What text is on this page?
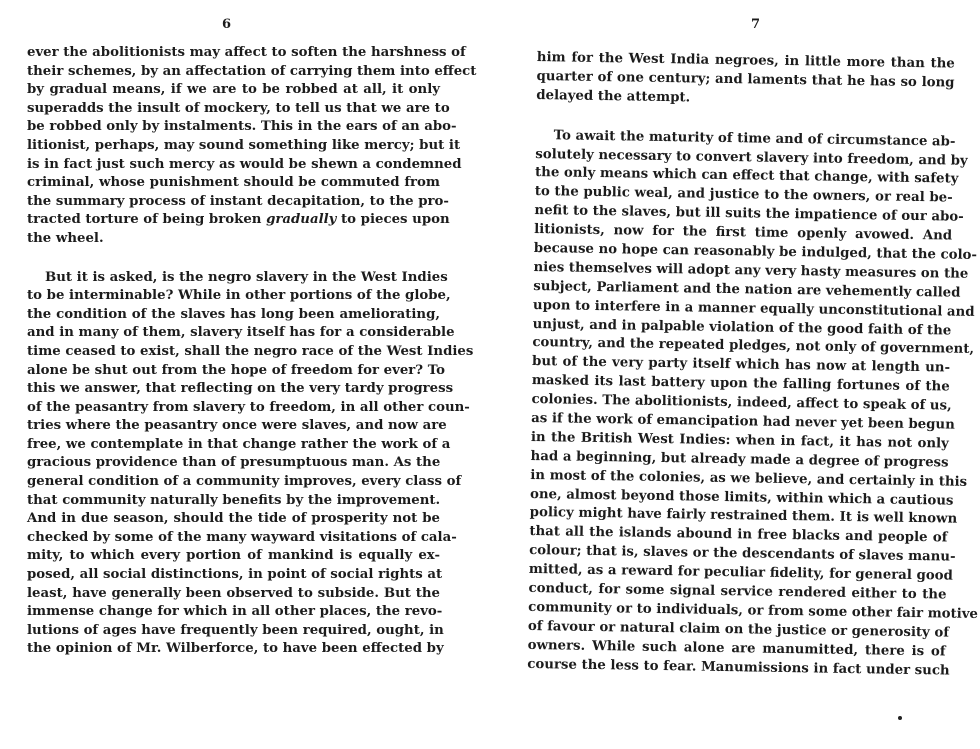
6
ever the abolitionists may affect to soften the harshness of
their schemes, by an affectation of carrying them into effect
by gradual means, if we are to be robbed at all, it only
superadds the insult of mockery, to tell us that we are to
be robbed only by instalments. This in the ears of an abo-
litionist, perhaps, may sound something like mercy; but it
is in fact just such mercy as would be shewn a condemned
criminal, whose punishment should be commuted from
the summary process of instant decapitation, to the pro-
tracted torture of being broken gradually to pieces upon
the wheel.
But it is asked, is the negro slavery in the West Indies
to be interminable? While in other portions of the globe,
the condition of the slaves has long been ameliorating,
and in many of them, slavery itself has for a considerable
time ceased to exist, shall the negro race of the West Indies
alone be shut out from the hope of freedom for ever? To
this we answer, that reflecting on the very tardy progress
of the peasantry from slavery to freedom, in all other coun-
tries where the peasantry once were slaves, and now are
free, we contemplate in that change rather the work of a
gracious providence than of presumptuous man. As the
general condition of a community improves, every class of
that community naturally benefits by the improvement.
And in due season, should the tide of prosperity not be
checked by some of the many wayward visitations of cala-
mity, to which every portion of mankind is equally ex-
posed, all social distinctions, in point of social rights at
least, have generally been observed to subside. But the
immense change for which in all other places, the revo-
lutions of ages have frequently been required, ought, in
the opinion of Mr. Wilberforce, to have been effected by
7
him for the West India negroes, in little more than the
quarter of one century; and laments that he has so long
delayed the attempt.
To await the maturity of time and of circumstance ab-
solutely necessary to convert slavery into freedom, and by
the only means which can effect that change, with safety
to the public weal, and justice to the owners, or real be-
nefit to the slaves, but ill suits the impatience of our abo-
litionists, now for the first time openly avowed. And
because no hope can reasonably be indulged, that the colo-
nies themselves will adopt any very hasty measures on the
subject, Parliament and the nation are vehemently called
upon to interfere in a manner equally unconstitutional and
unjust, and in palpable violation of the good faith of the
country, and the repeated pledges, not only of government,
but of the very party itself which has now at length un-
masked its last battery upon the falling fortunes of the
colonies. The abolitionists, indeed, affect to speak of us,
as if the work of emancipation had never yet been begun
in the British West Indies: when in fact, it has not only
had a beginning, but already made a degree of progress
in most of the colonies, as we believe, and certainly in this
one, almost beyond those limits, within which a cautious
policy might have fairly restrained them. It is well known
that all the islands abound in free blacks and people of
colour; that is, slaves or the descendants of slaves manu-
mitted, as a reward for peculiar fidelity, for general good
conduct, for some signal service rendered either to the
community or to individuals, or from some other fair motive
of favour or natural claim on the justice or generosity of
owners. While such alone are manumitted, there is of
course the less to fear. Manumissions in fact under such
